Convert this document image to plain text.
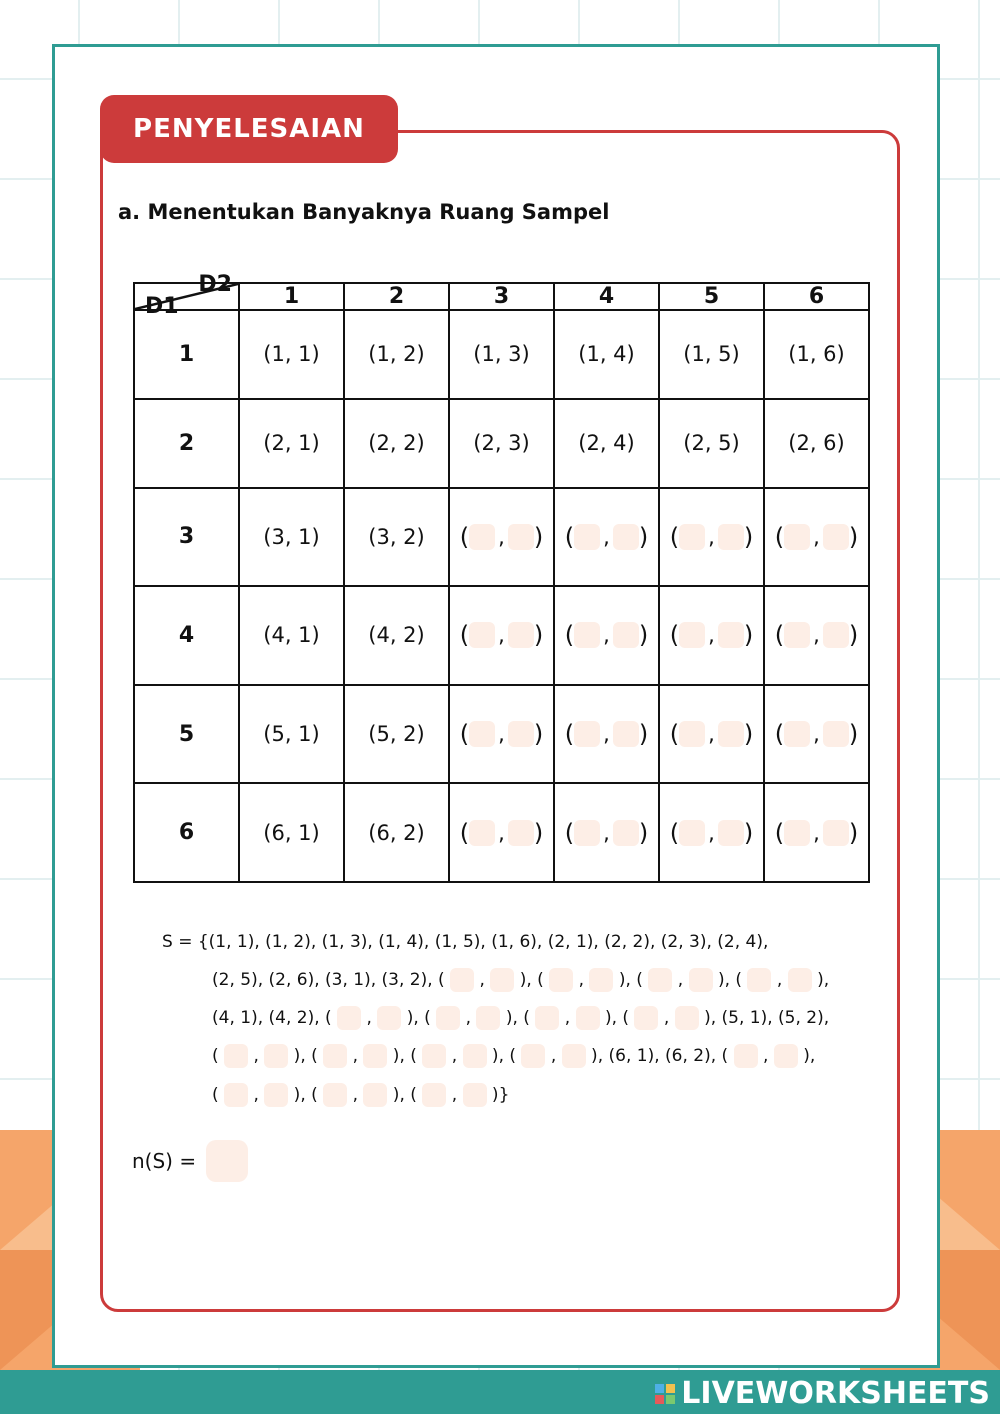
PENYELESAIAN
a. Menentukan Banyaknya Ruang Sampel
D1
D2	1	2	3	4	5	6
1	(1, 1)	(1, 2)	(1, 3)	(1, 4)	(1, 5)	(1, 6)
2	(2, 1)	(2, 2)	(2, 3)	(2, 4)	(2, 5)	(2, 6)
3	(3, 1)	(3, 2)	( , )	( , )	( , )	( , )
4	(4, 1)	(4, 2)	( , )	( , )	( , )	( , )
5	(5, 1)	(5, 2)	( , )	( , )	( , )	( , )
6	(6, 1)	(6, 2)	( , )	( , )	( , )	( , )
S = {(1, 1), (1, 2), (1, 3), (1, 4), (1, 5), (1, 6), (2, 1), (2, 2), (2, 3), (2, 4),
(2, 5), (2, 6), (3, 1), (3, 2), (  ,  ), (  ,  ), (  ,  ), (  ,  ),
(4, 1), (4, 2), (  ,  ), (  ,  ), (  ,  ), (  ,  ), (5, 1), (5, 2),
(  ,  ), (  ,  ), (  ,  ), (  ,  ), (6, 1), (6, 2), (  ,  ),
(  ,  ), (  ,  ), (  ,  )}
n(S) =
LIVEWORKSHEETS
